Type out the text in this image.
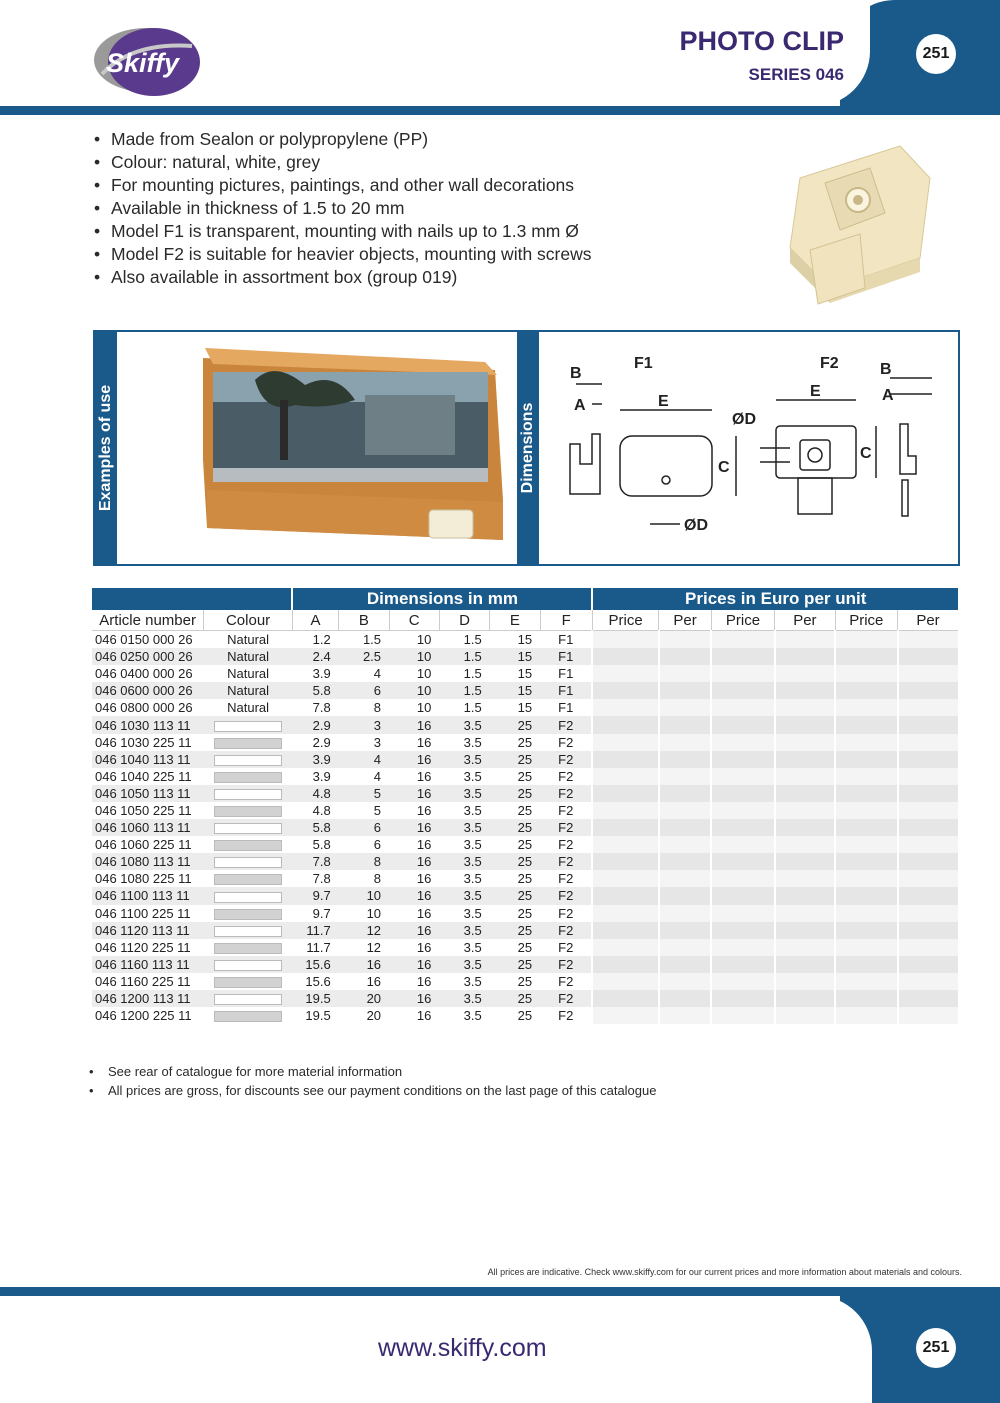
Skiffy
PHOTO CLIP
SERIES 046
251
• Made from Sealon or polypropylene (PP)
• Colour: natural, white, grey
• For mounting pictures, paintings, and other wall decorations
• Available in thickness of 1.5 to 20 mm
• Model F1 is transparent, mounting with nails up to 1.3 mm Ø
• Model F2 is suitable for heavier objects, mounting with screws
• Also available in assortment box (group 019)
Examples of use	Dimensions
F1	F2
B
A	E
ØD
C
ØD
E
C
B
A
		Dimensions in mm						Prices in Euro per unit					
Article number	Colour	A	B	C	D	E	F	Price	Per	Price	Per	Price	Per
046 0150 000 26	Natural	1.2	1.5	10	1.5	15	F1						
046 0250 000 26	Natural	2.4	2.5	10	1.5	15	F1						
046 0400 000 26	Natural	3.9	4	10	1.5	15	F1						
046 0600 000 26	Natural	5.8	6	10	1.5	15	F1						
046 0800 000 26	Natural	7.8	8	10	1.5	15	F1						
046 1030 113 11		2.9	3	16	3.5	25	F2						
046 1030 225 11		2.9	3	16	3.5	25	F2						
046 1040 113 11		3.9	4	16	3.5	25	F2						
046 1040 225 11		3.9	4	16	3.5	25	F2						
046 1050 113 11		4.8	5	16	3.5	25	F2						
046 1050 225 11		4.8	5	16	3.5	25	F2						
046 1060 113 11		5.8	6	16	3.5	25	F2						
046 1060 225 11		5.8	6	16	3.5	25	F2						
046 1080 113 11		7.8	8	16	3.5	25	F2						
046 1080 225 11		7.8	8	16	3.5	25	F2						
046 1100 113 11		9.7	10	16	3.5	25	F2						
046 1100 225 11		9.7	10	16	3.5	25	F2						
046 1120 113 11		11.7	12	16	3.5	25	F2						
046 1120 225 11		11.7	12	16	3.5	25	F2						
046 1160 113 11		15.6	16	16	3.5	25	F2						
046 1160 225 11		15.6	16	16	3.5	25	F2						
046 1200 113 11		19.5	20	16	3.5	25	F2						
046 1200 225 11		19.5	20	16	3.5	25	F2						
• See rear of catalogue for more material information
• All prices are gross, for discounts see our payment conditions on the last page of this catalogue
All prices are indicative. Check www.skiffy.com for our current prices and more information about materials and colours.
www.skiffy.com	251
